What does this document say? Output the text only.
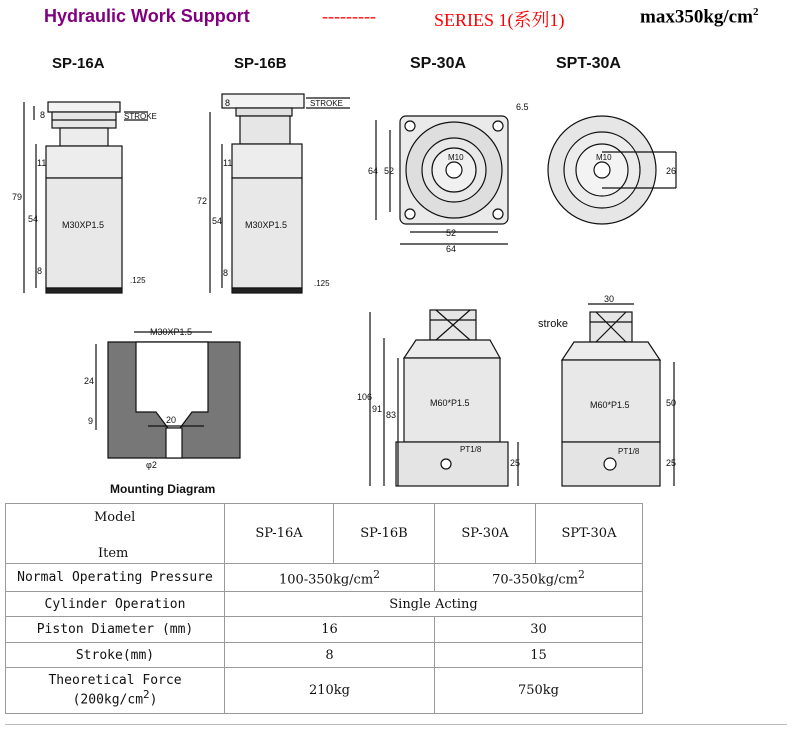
Hydraulic Work Support	---------	SERIES 1(系列1)	$\max 350kg/cm^2$
SP-16A	SP-16B	SP-30A	SPT-30A
8
11
79
54
8
STROKE
M30XP1.5
.125
8
11
72
54
8
STROKE
M30XP1.5
.125
6.5
64 52
52
64
M10
26
M10
M30XP1.5
24
9	20
φ2
Mounting Diagram
106
91
83
25
M60*P1.5
PT1/8
30
stroke
50
25
M60*P1.5
PT1/8
Model
Item	SP-16A	SP-16B	SP-30A	SPT-30A
Normal Operating Pressure	$100-350kg/cm^2$		$70-350kg/cm^2$
Cylinder Operation	Single Acting			
Piston Diameter (mm)	16		30	
Stroke(mm)	8		15	

Theoretical Force
$(200kg/cm^2)$	210kg		750kg	
